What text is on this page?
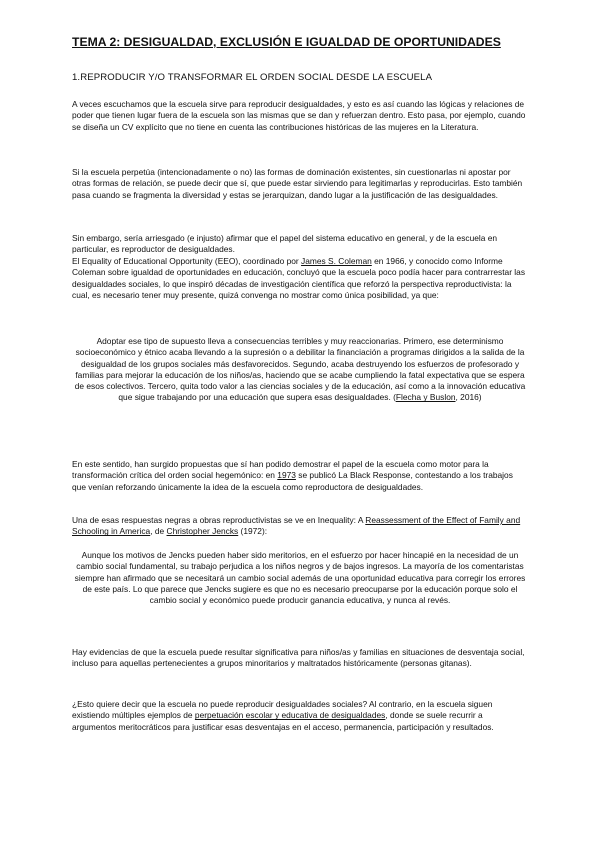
TEMA 2: DESIGUALDAD, EXCLUSIÓN E IGUALDAD DE OPORTUNIDADES
1.REPRODUCIR Y/O TRANSFORMAR EL ORDEN SOCIAL DESDE LA ESCUELA

A veces escuchamos que la escuela sirve para reproducir desigualdades, y esto es así cuando las lógicas y relaciones de poder que tienen lugar fuera de la escuela son las mismas que se dan y refuerzan dentro. Esto pasa, por ejemplo, cuando se diseña un CV explícito que no tiene en cuenta las contribuciones históricas de las mujeres en la Literatura.

Si la escuela perpetúa (intencionadamente o no) las formas de dominación existentes, sin cuestionarlas ni apostar por otras formas de relación, se puede decir que sí, que puede estar sirviendo para legitimarlas y reproducirlas. Esto también pasa cuando se fragmenta la diversidad y estas se jerarquizan, dando lugar a la justificación de las desigualdades.

Sin embargo, sería arriesgado (e injusto) afirmar que el papel del sistema educativo en general, y de la escuela en particular, es reproductor de desigualdades.

El Equality of Educational Opportunity (EEO), coordinado por James S. Coleman en 1966, y conocido como Informe Coleman sobre igualdad de oportunidades en educación, concluyó que la escuela poco podía hacer para contrarrestar las desigualdades sociales, lo que inspiró décadas de investigación científica que reforzó la perspectiva reproductivista: la cual, es necesario tener muy presente, quizá convenga no mostrar como única posibilidad, ya que:

Adoptar ese tipo de supuesto lleva a consecuencias terribles y muy reaccionarias. Primero, ese determinismo socioeconómico y étnico acaba llevando a la supresión o a debilitar la financiación a programas dirigidos a la salida de la desigualdad de los grupos sociales más desfavorecidos. Segundo, acaba destruyendo los esfuerzos de profesorado y familias para mejorar la educación de los niños/as, haciendo que se acabe cumpliendo la fatal expectativa que se espera de esos colectivos. Tercero, quita todo valor a las ciencias sociales y de la educación, así como a la innovación educativa que sigue trabajando por una educación que supera esas desigualdades. (Flecha y Buslon, 2016)

En este sentido, han surgido propuestas que sí han podido demostrar el papel de la escuela como motor para la transformación crítica del orden social hegemónico: en 1973 se publicó La Black Response, contestando a los trabajos que venían reforzando únicamente la idea de la escuela como reproductora de desigualdades.

Una de esas respuestas negras a obras reproductivistas se ve en Inequality: A Reassessment of the Effect of Family and Schooling in America, de Christopher Jencks (1972):

Aunque los motivos de Jencks pueden haber sido meritorios, en el esfuerzo por hacer hincapié en la necesidad de un cambio social fundamental, su trabajo perjudica a los niños negros y de bajos ingresos. La mayoría de los comentaristas siempre han afirmado que se necesitará un cambio social además de una oportunidad educativa para corregir los errores de este país. Lo que parece que Jencks sugiere es que no es necesario preocuparse por la educación porque solo el cambio social y económico puede producir ganancia educativa, y nunca al revés.

Hay evidencias de que la escuela puede resultar significativa para niños/as y familias en situaciones de desventaja social, incluso para aquellas pertenecientes a grupos minoritarios y maltratados históricamente (personas gitanas).

¿Esto quiere decir que la escuela no puede reproducir desigualdades sociales? Al contrario, en la escuela siguen existiendo múltiples ejemplos de perpetuación escolar y educativa de desigualdades, donde se suele recurrir a argumentos meritocráticos para justificar esas desventajas en el acceso, permanencia, participación y resultados.
